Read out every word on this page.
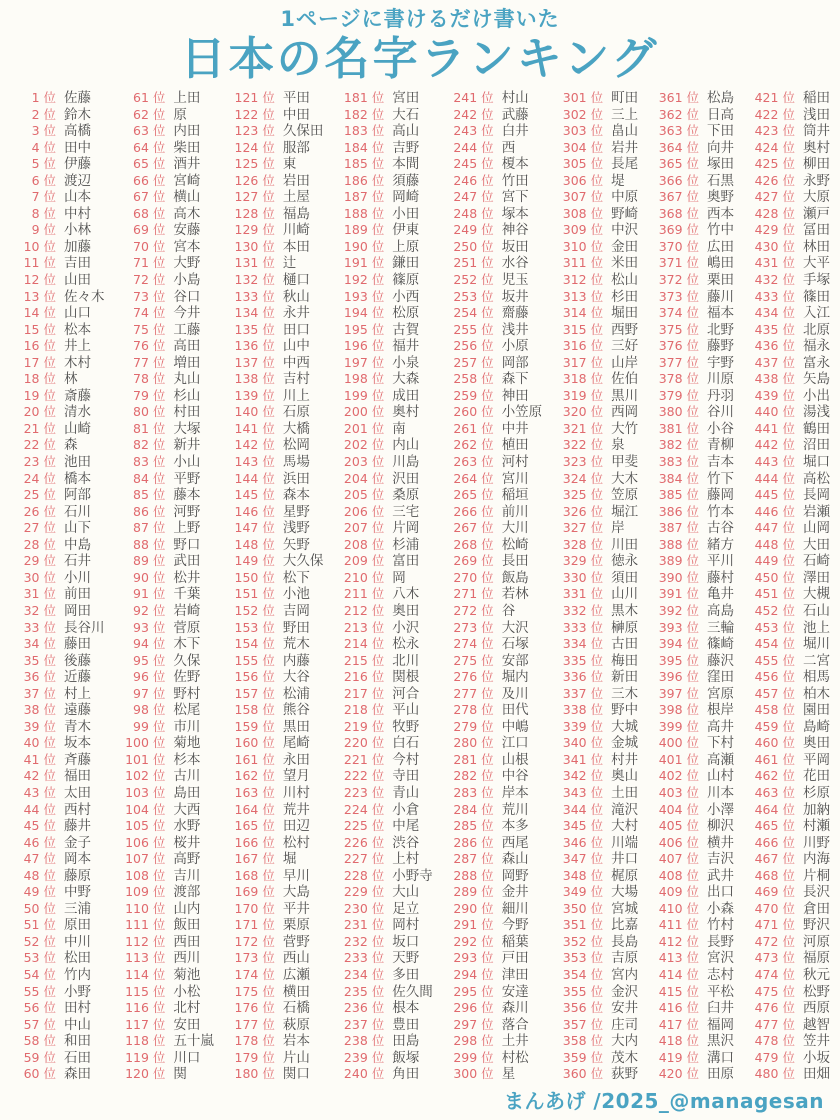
1ページに書けるだけ書いた
日本の名字ランキング
1 位 佐藤
2 位 鈴木
3 位 高橋
4 位 田中
5 位 伊藤
6 位 渡辺
7 位 山本
8 位 中村
9 位 小林
10 位 加藤
11 位 吉田
12 位 山田
13 位 佐々木
14 位 山口
15 位 松本
16 位 井上
17 位 木村
18 位 林
19 位 斎藤
20 位 清水
21 位 山崎
22 位 森
23 位 池田
24 位 橋本
25 位 阿部
26 位 石川
27 位 山下
28 位 中島
29 位 石井
30 位 小川
31 位 前田
32 位 岡田
33 位 長谷川
34 位 藤田
35 位 後藤
36 位 近藤
37 位 村上
38 位 遠藤
39 位 青木
40 位 坂本
41 位 斉藤
42 位 福田
43 位 太田
44 位 西村
45 位 藤井
46 位 金子
47 位 岡本
48 位 藤原
49 位 中野
50 位 三浦
51 位 原田
52 位 中川
53 位 松田
54 位 竹内
55 位 小野
56 位 田村
57 位 中山
58 位 和田
59 位 石田
60 位 森田
61 位 上田
62 位 原
63 位 内田
64 位 柴田
65 位 酒井
66 位 宮崎
67 位 横山
68 位 高木
69 位 安藤
70 位 宮本
71 位 大野
72 位 小島
73 位 谷口
74 位 今井
75 位 工藤
76 位 高田
77 位 増田
78 位 丸山
79 位 杉山
80 位 村田
81 位 大塚
82 位 新井
83 位 小山
84 位 平野
85 位 藤本
86 位 河野
87 位 上野
88 位 野口
89 位 武田
90 位 松井
91 位 千葉
92 位 岩崎
93 位 菅原
94 位 木下
95 位 久保
96 位 佐野
97 位 野村
98 位 松尾
99 位 市川
100 位 菊地
101 位 杉本
102 位 古川
103 位 島田
104 位 大西
105 位 水野
106 位 桜井
107 位 高野
108 位 吉川
109 位 渡部
110 位 山内
111 位 飯田
112 位 西田
113 位 西川
114 位 菊池
115 位 小松
116 位 北村
117 位 安田
118 位 五十嵐
119 位 川口
120 位 関
121 位 平田
122 位 中田
123 位 久保田
124 位 服部
125 位 東
126 位 岩田
127 位 土屋
128 位 福島
129 位 川崎
130 位 本田
131 位 辻
132 位 樋口
133 位 秋山
134 位 永井
135 位 田口
136 位 山中
137 位 中西
138 位 吉村
139 位 川上
140 位 石原
141 位 大橋
142 位 松岡
143 位 馬場
144 位 浜田
145 位 森本
146 位 星野
147 位 浅野
148 位 矢野
149 位 大久保
150 位 松下
151 位 小池
152 位 吉岡
153 位 野田
154 位 荒木
155 位 内藤
156 位 大谷
157 位 松浦
158 位 熊谷
159 位 黒田
160 位 尾崎
161 位 永田
162 位 望月
163 位 川村
164 位 荒井
165 位 田辺
166 位 松村
167 位 堀
168 位 早川
169 位 大島
170 位 平井
171 位 栗原
172 位 菅野
173 位 西山
174 位 広瀬
175 位 横田
176 位 石橋
177 位 萩原
178 位 岩本
179 位 片山
180 位 関口
181 位 宮田
182 位 大石
183 位 高山
184 位 吉野
185 位 本間
186 位 須藤
187 位 岡崎
188 位 小田
189 位 伊東
190 位 上原
191 位 鎌田
192 位 篠原
193 位 小西
194 位 松原
195 位 古賀
196 位 福井
197 位 小泉
198 位 大森
199 位 成田
200 位 奥村
201 位 南
202 位 内山
203 位 川島
204 位 沢田
205 位 桑原
206 位 三宅
207 位 片岡
208 位 杉浦
209 位 富田
210 位 岡
211 位 八木
212 位 奥田
213 位 小沢
214 位 松永
215 位 北川
216 位 関根
217 位 河合
218 位 平山
219 位 牧野
220 位 白石
221 位 今村
222 位 寺田
223 位 青山
224 位 小倉
225 位 中尾
226 位 渋谷
227 位 上村
228 位 小野寺
229 位 大山
230 位 足立
231 位 岡村
232 位 坂口
233 位 天野
234 位 多田
235 位 佐久間
236 位 根本
237 位 豊田
238 位 田島
239 位 飯塚
240 位 角田
241 位 村山
242 位 武藤
243 位 白井
244 位 西
245 位 榎本
246 位 竹田
247 位 宮下
248 位 塚本
249 位 神谷
250 位 坂田
251 位 水谷
252 位 児玉
253 位 坂井
254 位 齋藤
255 位 浅井
256 位 小原
257 位 岡部
258 位 森下
259 位 神田
260 位 小笠原
261 位 中井
262 位 植田
263 位 河村
264 位 宮川
265 位 稲垣
266 位 前川
267 位 大川
268 位 松崎
269 位 長田
270 位 飯島
271 位 若林
272 位 谷
273 位 大沢
274 位 石塚
275 位 安部
276 位 堀内
277 位 及川
278 位 田代
279 位 中嶋
280 位 江口
281 位 山根
282 位 中谷
283 位 岸本
284 位 荒川
285 位 本多
286 位 西尾
287 位 森山
288 位 岡野
289 位 金井
290 位 細川
291 位 今野
292 位 稲葉
293 位 戸田
294 位 津田
295 位 安達
296 位 森川
297 位 落合
298 位 土井
299 位 村松
300 位 星
301 位 町田
302 位 三上
303 位 畠山
304 位 岩井
305 位 長尾
306 位 堤
307 位 中原
308 位 野崎
309 位 中沢
310 位 金田
311 位 米田
312 位 松山
313 位 杉田
314 位 堀田
315 位 西野
316 位 三好
317 位 山岸
318 位 佐伯
319 位 黒川
320 位 西岡
321 位 大竹
322 位 泉
323 位 甲斐
324 位 大木
325 位 笠原
326 位 堀江
327 位 岸
328 位 川田
329 位 徳永
330 位 須田
331 位 山川
332 位 黒木
333 位 榊原
334 位 古田
335 位 梅田
336 位 新田
337 位 三木
338 位 野中
339 位 大城
340 位 金城
341 位 村井
342 位 奥山
343 位 土田
344 位 滝沢
345 位 大村
346 位 川端
347 位 井口
348 位 梶原
349 位 大場
350 位 宮城
351 位 比嘉
352 位 長島
353 位 吉原
354 位 宮内
355 位 金沢
356 位 安井
357 位 庄司
358 位 大内
359 位 茂木
360 位 荻野
361 位 松島
362 位 日高
363 位 下田
364 位 向井
365 位 塚田
366 位 石黒
367 位 奥野
368 位 西本
369 位 竹中
370 位 広田
371 位 嶋田
372 位 栗田
373 位 藤川
374 位 福本
375 位 北野
376 位 藤野
377 位 宇野
378 位 川原
379 位 丹羽
380 位 谷川
381 位 小谷
382 位 青柳
383 位 吉本
384 位 竹下
385 位 藤岡
386 位 竹本
387 位 古谷
388 位 緒方
389 位 平川
390 位 藤村
391 位 亀井
392 位 高島
393 位 三輪
394 位 篠崎
395 位 藤沢
396 位 窪田
397 位 宮原
398 位 根岸
399 位 高井
400 位 下村
401 位 高瀬
402 位 山村
403 位 川本
404 位 小澤
405 位 柳沢
406 位 横井
407 位 吉沢
408 位 武井
409 位 出口
410 位 小森
411 位 竹村
412 位 長野
413 位 宮沢
414 位 志村
415 位 平松
416 位 臼井
417 位 福岡
418 位 黒沢
419 位 溝口
420 位 田原
421 位 稲田
422 位 浅田
423 位 筒井
424 位 奥村
425 位 柳田
426 位 永野
427 位 大原
428 位 瀬戸
429 位 冨田
430 位 林田
431 位 大平
432 位 手塚
433 位 篠田
434 位 入江
435 位 北原
436 位 福永
437 位 富永
438 位 矢島
439 位 小出
440 位 湯浅
441 位 鶴田
442 位 沼田
443 位 堀口
444 位 高松
445 位 長岡
446 位 岩瀬
447 位 山岡
448 位 大田
449 位 石崎
450 位 澤田
451 位 大槻
452 位 石山
453 位 池上
454 位 堀川
455 位 二宮
456 位 相馬
457 位 柏木
458 位 園田
459 位 島崎
460 位 奥田
461 位 平岡
462 位 花田
463 位 杉原
464 位 加納
465 位 村瀬
466 位 川野
467 位 内海
468 位 片桐
469 位 長沢
470 位 倉田
471 位 野沢
472 位 河原
473 位 福原
474 位 秋元
475 位 松野
476 位 西原
477 位 越智
478 位 笠井
479 位 小坂
480 位 田畑
まんあげ /2025_@managesan
